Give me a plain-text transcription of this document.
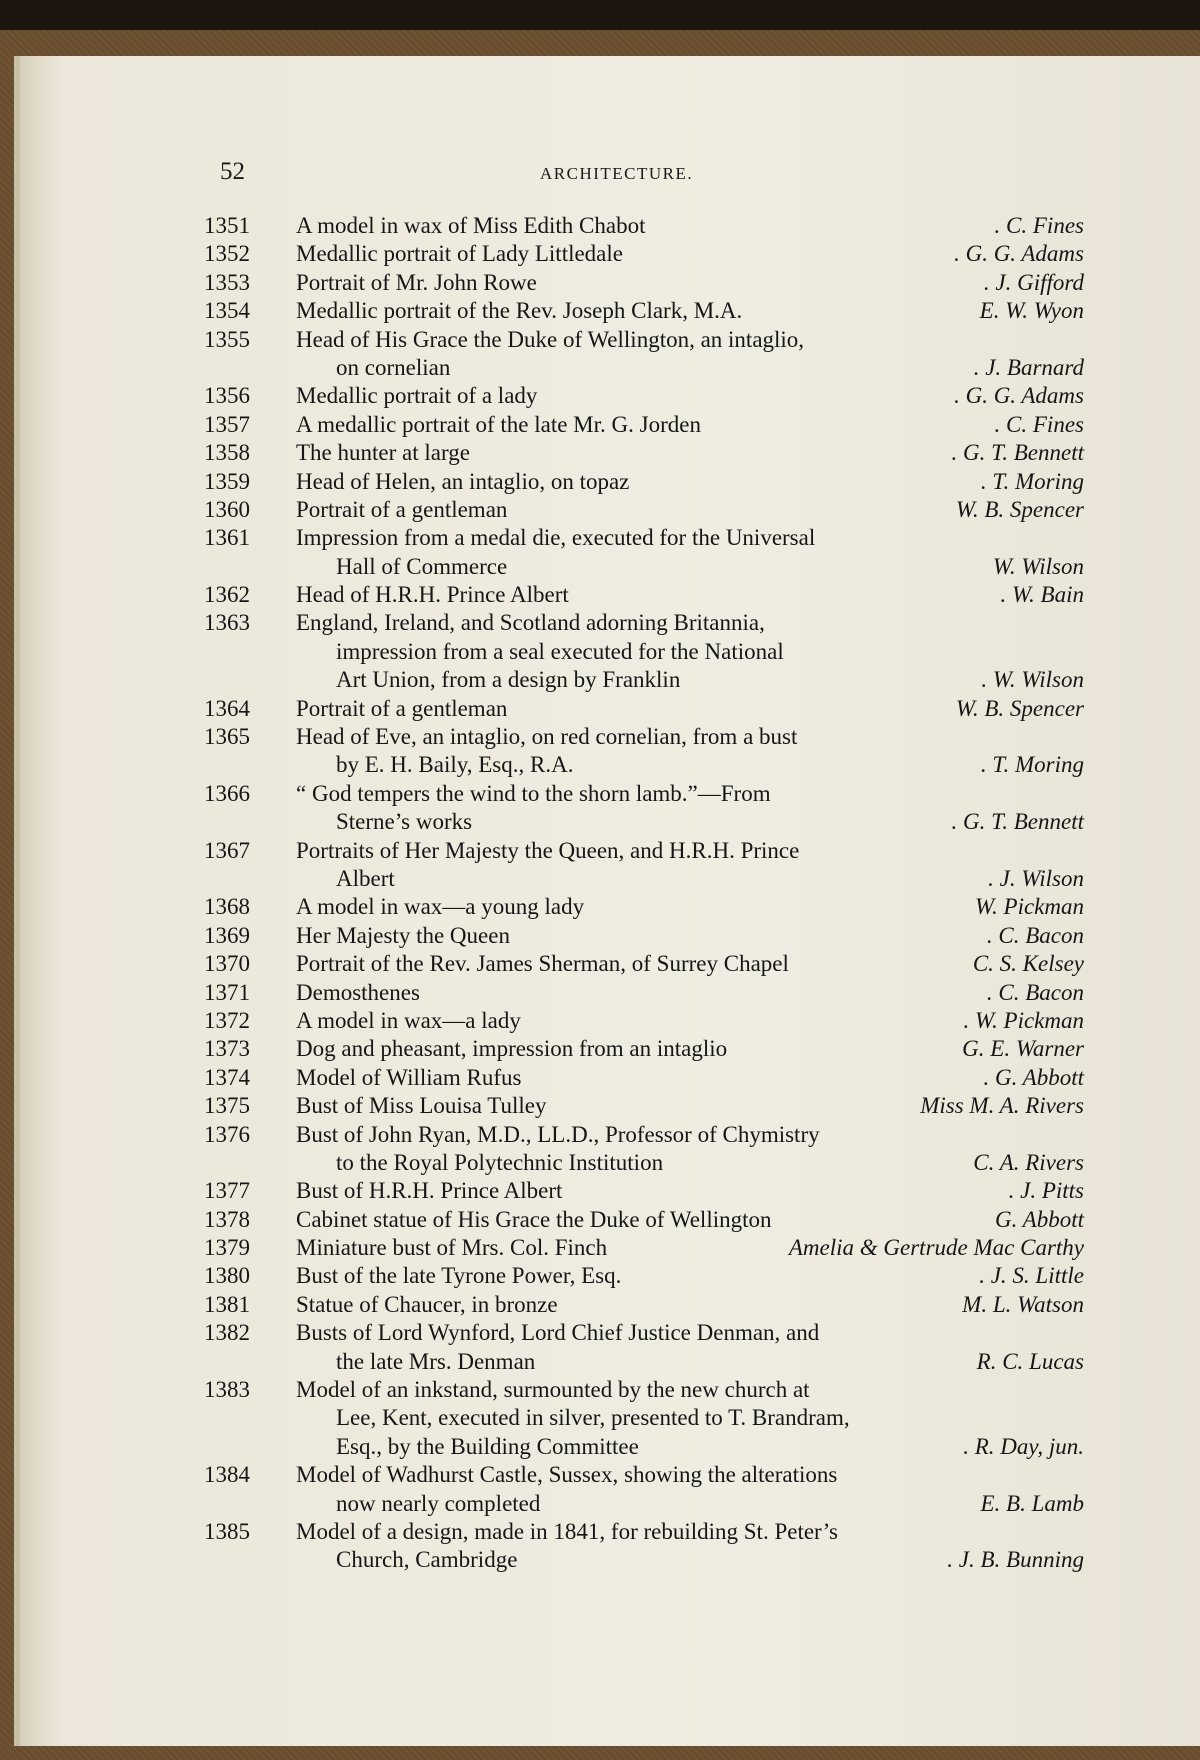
52	ARCHITECTURE.
1351 A model in wax of Miss Edith Chabot	. C. Fines
1352 Medallic portrait of Lady Littledale	. G. G. Adams
1353 Portrait of Mr. John Rowe	. J. Gifford
1354 Medallic portrait of the Rev. Joseph Clark, M.A.	E. W. Wyon
1355 Head of His Grace the Duke of Wellington, an intaglio,
on cornelian	. J. Barnard
1356 Medallic portrait of a lady	. G. G. Adams
1357 A medallic portrait of the late Mr. G. Jorden	. C. Fines
1358 The hunter at large	. G. T. Bennett
1359 Head of Helen, an intaglio, on topaz	. T. Moring
1360 Portrait of a gentleman	W. B. Spencer
1361 Impression from a medal die, executed for the Universal
Hall of Commerce	W. Wilson
1362 Head of H.R.H. Prince Albert	. W. Bain
1363 England, Ireland, and Scotland adorning Britannia,
impression from a seal executed for the National
Art Union, from a design by Franklin	. W. Wilson
1364 Portrait of a gentleman	W. B. Spencer
1365 Head of Eve, an intaglio, on red cornelian, from a bust
by E. H. Baily, Esq., R.A.	. T. Moring
1366 “ God tempers the wind to the shorn lamb.”—From
Sterne’s works	. G. T. Bennett
1367 Portraits of Her Majesty the Queen, and H.R.H. Prince
Albert	. J. Wilson
1368 A model in wax—a young lady	W. Pickman
1369 Her Majesty the Queen	. C. Bacon
1370 Portrait of the Rev. James Sherman, of Surrey Chapel	C. S. Kelsey
1371 Demosthenes	. C. Bacon
1372 A model in wax—a lady	. W. Pickman
1373 Dog and pheasant, impression from an intaglio	G. E. Warner
1374 Model of William Rufus	. G. Abbott
1375 Bust of Miss Louisa Tulley	Miss M. A. Rivers
1376 Bust of John Ryan, M.D., LL.D., Professor of Chymistry
to the Royal Polytechnic Institution	C. A. Rivers
1377 Bust of H.R.H. Prince Albert	. J. Pitts
1378 Cabinet statue of His Grace the Duke of Wellington	G. Abbott
1379 Miniature bust of Mrs. Col. Finch	Amelia & Gertrude Mac Carthy
1380 Bust of the late Tyrone Power, Esq.	. J. S. Little
1381 Statue of Chaucer, in bronze	M. L. Watson
1382 Busts of Lord Wynford, Lord Chief Justice Denman, and
the late Mrs. Denman	R. C. Lucas
1383 Model of an inkstand, surmounted by the new church at
Lee, Kent, executed in silver, presented to T. Brandram,
Esq., by the Building Committee	. R. Day, jun.
1384 Model of Wadhurst Castle, Sussex, showing the alterations
now nearly completed	E. B. Lamb
1385 Model of a design, made in 1841, for rebuilding St. Peter’s
Church, Cambridge	. J. B. Bunning
